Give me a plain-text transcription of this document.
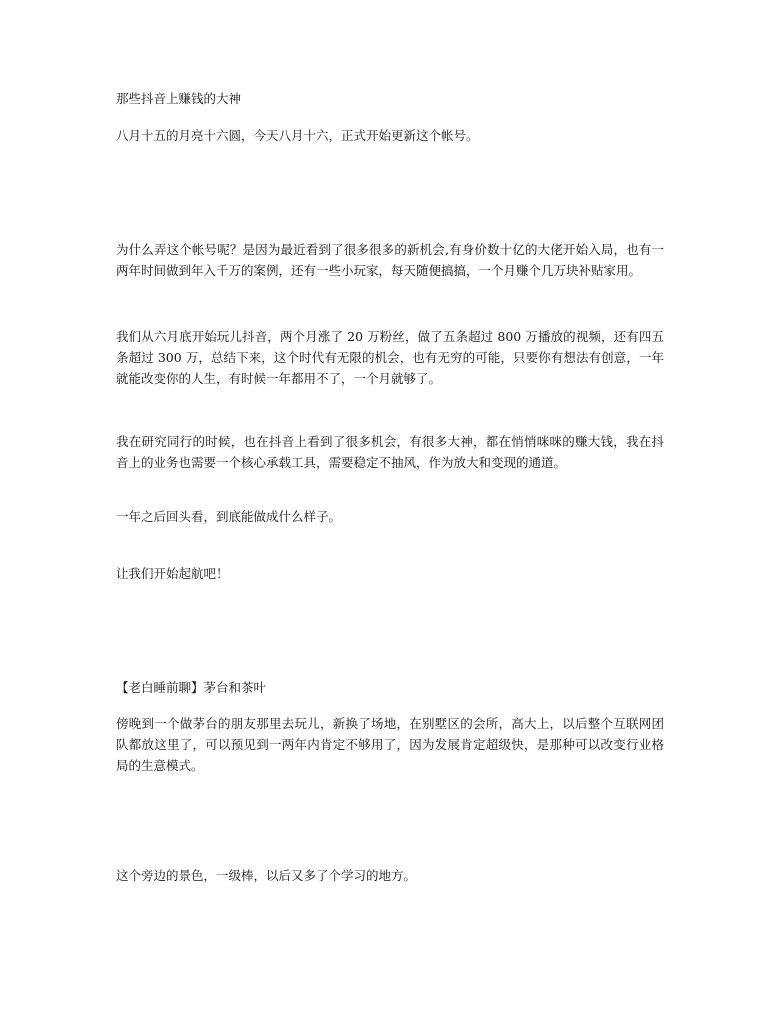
那些抖音上赚钱的大神

八月十五的月亮十六圆，今天八月十六，正式开始更新这个帐号。

为什么弄这个帐号呢？是因为最近看到了很多很多的新机会,有身价数十亿的大佬开始入局，也有一两年时间做到年入千万的案例，还有一些小玩家，每天随便搞搞，一个月赚个几万块补贴家用。

我们从六月底开始玩儿抖音，两个月涨了 20 万粉丝，做了五条超过 800 万播放的视频，还有四五条超过 300 万，总结下来，这个时代有无限的机会，也有无穷的可能，只要你有想法有创意，一年就能改变你的人生，有时候一年都用不了，一个月就够了。

我在研究同行的时候，也在抖音上看到了很多机会，有很多大神，都在悄悄咪咪的赚大钱，我在抖音上的业务也需要一个核心承载工具，需要稳定不抽风，作为放大和变现的通道。

一年之后回头看，到底能做成什么样子。

让我们开始起航吧！

【老白睡前聊】茅台和茶叶

傍晚到一个做茅台的朋友那里去玩儿，新换了场地，在别墅区的会所，高大上，以后整个互联网团队都放这里了，可以预见到一两年内肯定不够用了，因为发展肯定超级快，是那种可以改变行业格局的生意模式。

这个旁边的景色，一级棒，以后又多了个学习的地方。
